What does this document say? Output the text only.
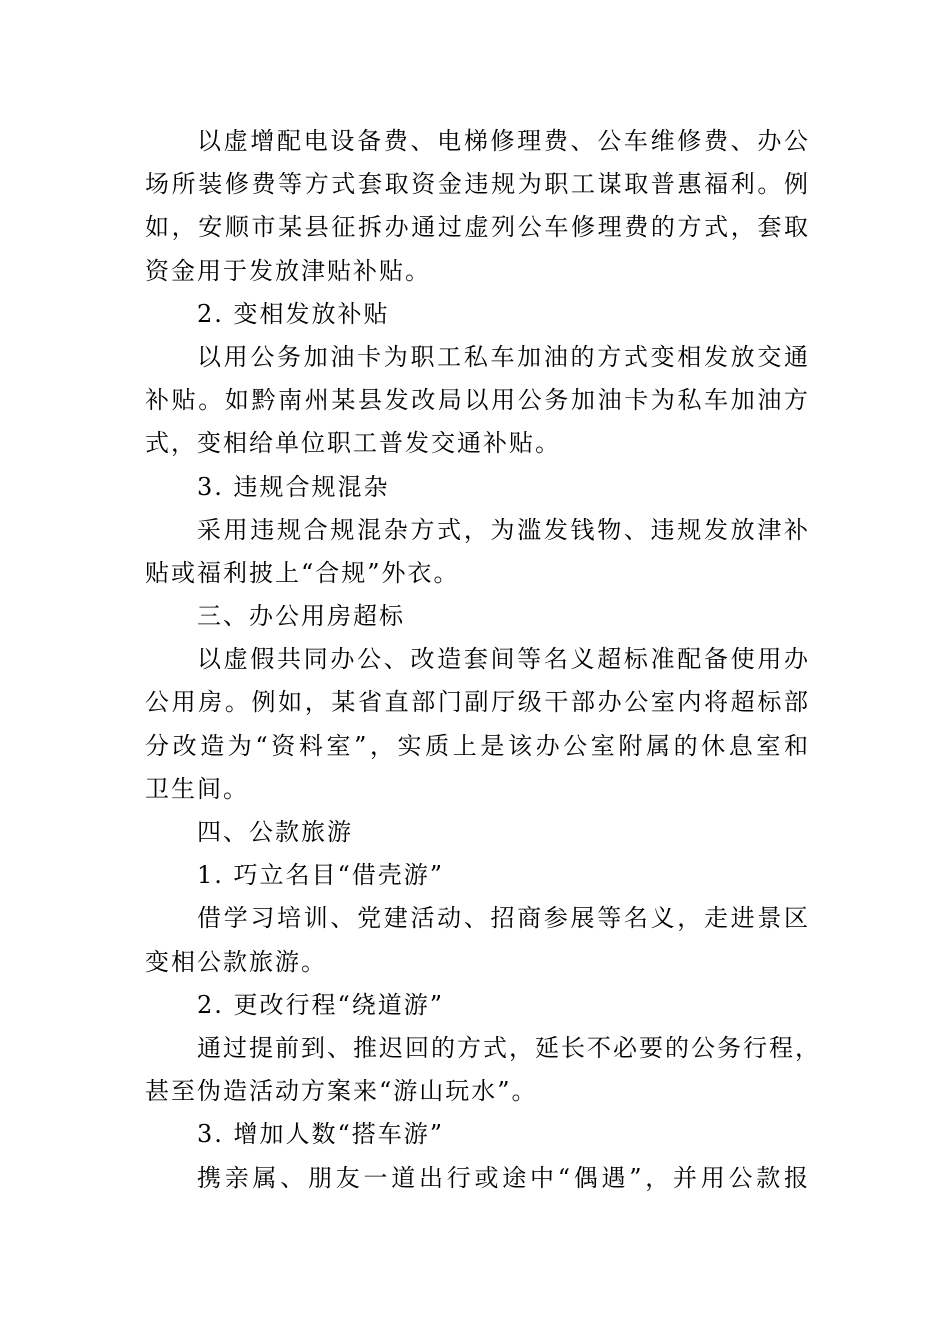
以虚增配电设备费、电梯修理费、公车维修费、办公
场所装修费等方式套取资金违规为职工谋取普惠福利。例
如，安顺市某县征拆办通过虚列公车修理费的方式，套取
资金用于发放津贴补贴。
2. 变相发放补贴
以用公务加油卡为职工私车加油的方式变相发放交通
补贴。如黔南州某县发改局以用公务加油卡为私车加油方
式，变相给单位职工普发交通补贴。
3. 违规合规混杂
采用违规合规混杂方式，为滥发钱物、违规发放津补
贴或福利披上“合规”外衣。
三、办公用房超标
以虚假共同办公、改造套间等名义超标准配备使用办
公用房。例如，某省直部门副厅级干部办公室内将超标部
分改造为“资料室”，实质上是该办公室附属的休息室和
卫生间。
四、公款旅游
1. 巧立名目“借壳游”
借学习培训、党建活动、招商参展等名义，走进景区
变相公款旅游。
2. 更改行程“绕道游”
通过提前到、推迟回的方式，延长不必要的公务行程，
甚至伪造活动方案来“游山玩水”。
3. 增加人数“搭车游”
携亲属、朋友一道出行或途中“偶遇”，并用公款报
